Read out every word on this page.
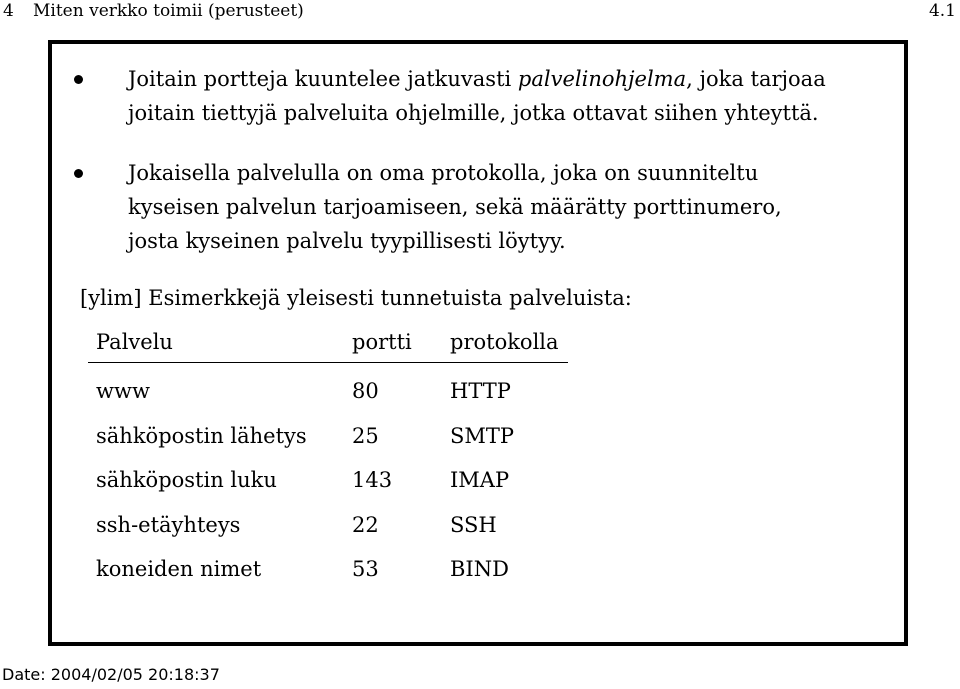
4 Miten verkko toimii (perusteet)	4.1
Joitain portteja kuuntelee jatkuvasti palvelinohjelma, joka tarjoaa joitain tiettyjä palveluita ohjelmille, jotka ottavat siihen yhteyttä.
Jokaisella palvelulla on oma protokolla, joka on suunniteltu kyseisen palvelun tarjoamiseen, sekä määrätty porttinumero, josta kyseinen palvelu tyypillisesti löytyy.
[ylim] Esimerkkejä yleisesti tunnetuista palveluista:
Palvelu	portti	protokolla
www	80	HTTP
sähköpostin lähetys	25	SMTP
sähköpostin luku	143	IMAP
ssh-etäyhteys	22	SSH
koneiden nimet	53	BIND
Date: 2004/02/05 20:18:37
